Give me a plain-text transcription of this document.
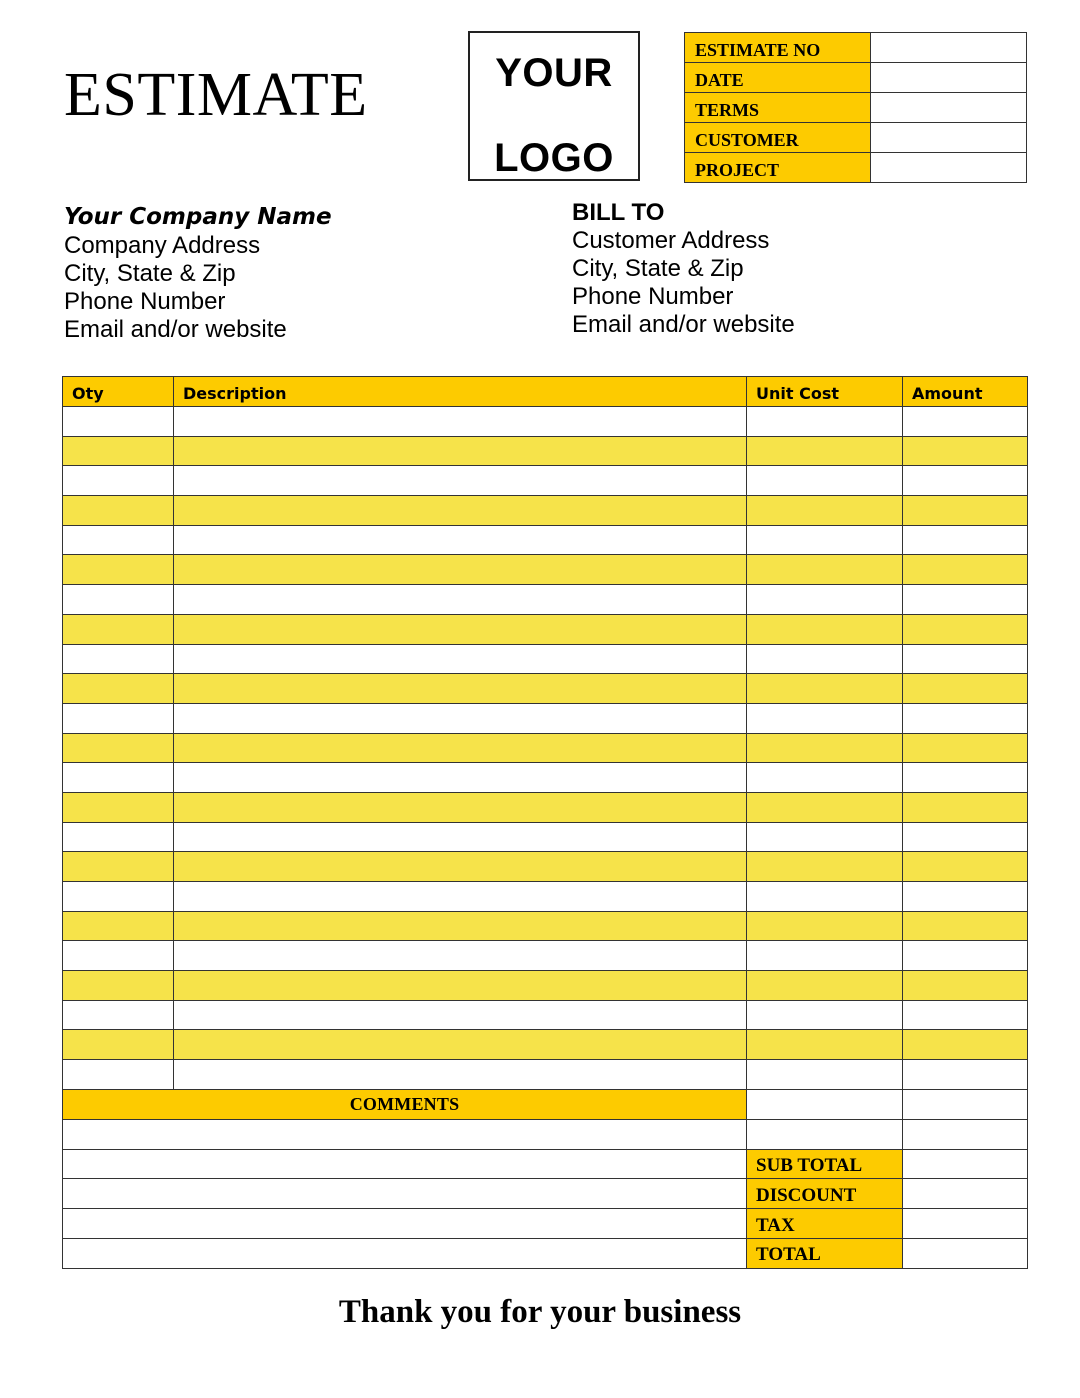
ESTIMATE	YOUR
LOGO
ESTIMATE NO	
DATE	
TERMS	
CUSTOMER	
PROJECT	
Your Company Name
Company Address
City, State & Zip
Phone Number
Email and/or website
BILL TO
Customer Address
City, State & Zip
Phone Number
Email and/or website
Oty	Description	Unit Cost	Amount

COMMENTS		

	SUB TOTAL	
	DISCOUNT	
	TAX	
	TOTAL	
Thank you for your business
